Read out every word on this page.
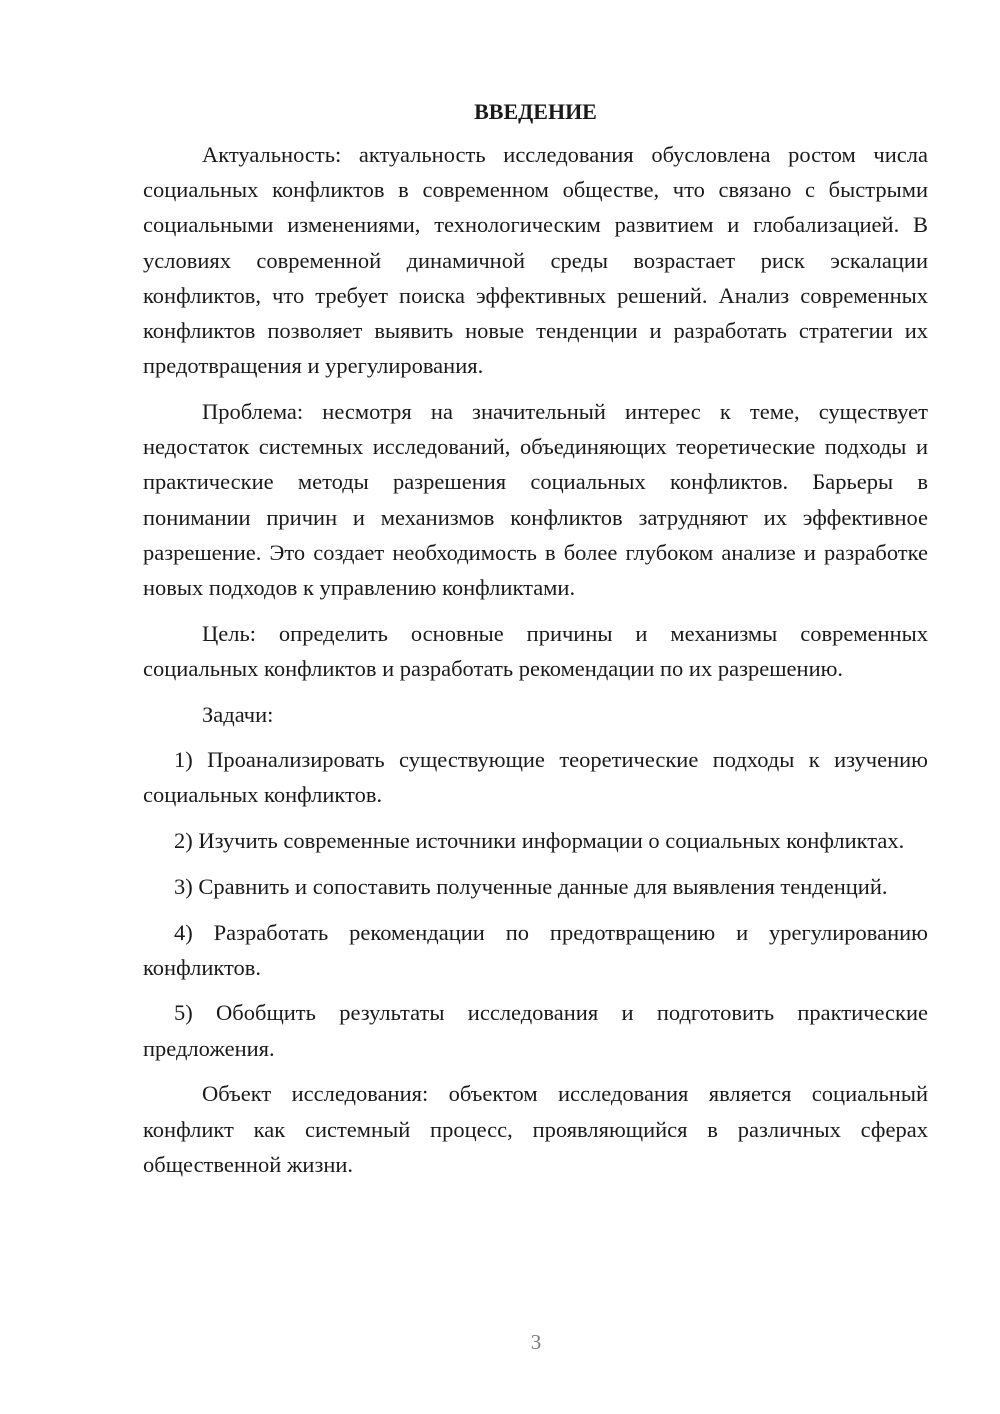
ВВЕДЕНИЕ

Актуальность: актуальность исследования обусловлена ростом числа социальных конфликтов в современном обществе, что связано с быстрыми социальными изменениями, технологическим развитием и глобализацией. В условиях современной динамичной среды возрастает риск эскалации конфликтов, что требует поиска эффективных решений. Анализ современных конфликтов позволяет выявить новые тенденции и разработать стратегии их предотвращения и урегулирования.

Проблема: несмотря на значительный интерес к теме, существует недостаток системных исследований, объединяющих теоретические подходы и практические методы разрешения социальных конфликтов. Барьеры в понимании причин и механизмов конфликтов затрудняют их эффективное разрешение. Это создает необходимость в более глубоком анализе и разработке новых подходов к управлению конфликтами.

Цель: определить основные причины и механизмы современных социальных конфликтов и разработать рекомендации по их разрешению.

Задачи:

1) Проанализировать существующие теоретические подходы к изучению социальных конфликтов.

2) Изучить современные источники информации о социальных конфликтах.

3) Сравнить и сопоставить полученные данные для выявления тенденций.

4) Разработать рекомендации по предотвращению и урегулированию конфликтов.

5) Обобщить результаты исследования и подготовить практические предложения.

Объект исследования: объектом исследования является социальный конфликт как системный процесс, проявляющийся в различных сферах общественной жизни.

3
